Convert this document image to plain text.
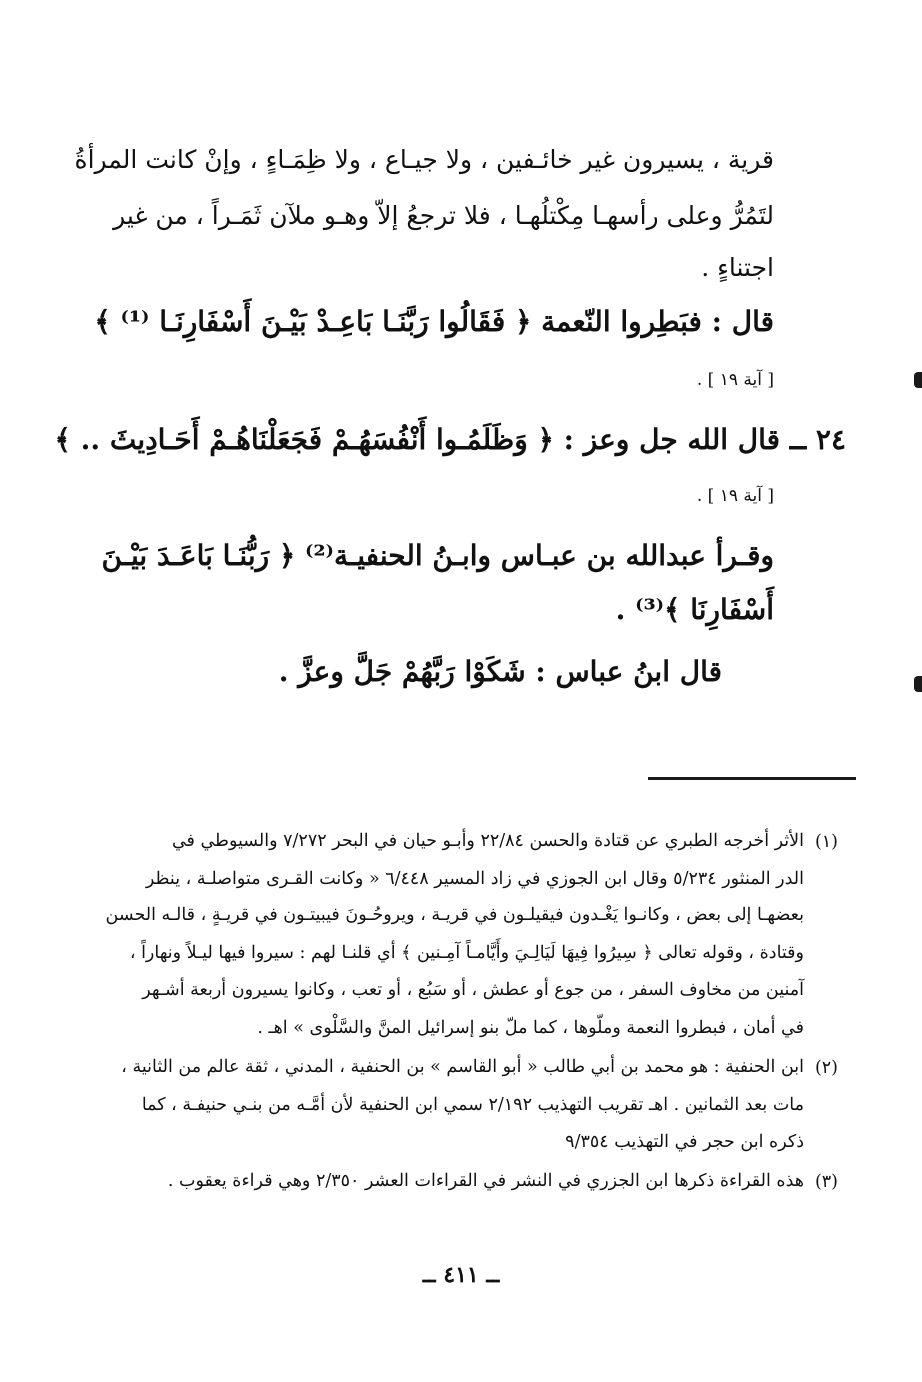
قرية ، يسيرون غير خائـفين ، ولا جيـاع ، ولا ظِمَـاءٍ ، وإنْ كانت المرأةُ
لتَمُرُّ وعلى رأسهـا مِكْتلُهـا ، فلا ترجعُ إلاّ وهـو ملآن ثَمَـراً ، من غير
اجتناءٍ .
قال : فبَطِروا النّعمة ﴿ فَقَالُوا رَبَّنَـا بَاعِـدْ بَيْـنَ أَسْفَارِنَـا ⁽¹⁾ ﴾
[ آية ١٩ ] .
٢٤ ــ قال الله جل وعز : ﴿ وَظَلَمُـوا أَنْفُسَهُـمْ فَجَعَلْنَاهُـمْ أَحَـادِيثَ .. ﴾
[ آية ١٩ ] .
وقـرأ عبدالله بن عبـاس وابـنُ الحنفيـة⁽²⁾ ﴿ رَبُّنَـا بَاعَـدَ بَيْـنَ
أَسْفَارِنَا ﴾⁽³⁾ .
قال ابنُ عباس : شَكَوْا رَبَّهُمْ جَلَّ وعزَّ .
(١)
الأثر أخرجه الطبري عن قتادة والحسن ٢٢/٨٤ وأبـو حيان في البحر ٧/٢٧٢ والسيوطي في
الدر المنثور ٥/٢٣٤ وقال ابن الجوزي في زاد المسير ٦/٤٤٨ « وكانت القـرى متواصلـة ، ينظر
بعضهـا إلى بعض ، وكانـوا يَغْـدون فيقيلـون في قريـة ، ويروحُـونَ فيبيتـون في قريـةٍ ، قالـه الحسن
وقتادة ، وقوله تعالى ﴿ سِيرُوا فِيهَا لَيَالِـيَ وأَيَّامـاً آمِـنين ﴾ أي قلنـا لهم : سيروا فيها ليـلاً ونهاراً ،
آمنين من مخاوف السفر ، من جوع أو عطش ، أو سَبُع ، أو تعب ، وكانوا يسيرون أربعة أشـهر
في أمان ، فبطروا النعمة وملّوها ، كما ملّ بنو إسرائيل المنَّ والسَّلْوى » اهـ .
(٢)
ابن الحنفية : هو محمد بن أبي طالب « أبو القاسم » بن الحنفية ، المدني ، ثقة عالم من الثانية ،
مات بعد الثمانين . اهـ تقريب التهذيب ٢/١٩٢ سمي ابن الحنفية لأن أمَّـه من بنـي حنيفـة ، كما
ذكره ابن حجر في التهذيب ٩/٣٥٤
(٣)
هذه القراءة ذكرها ابن الجزري في النشر في القراءات العشر ٢/٣٥٠ وهي قراءة يعقوب .
ــ ٤١١ ــ
